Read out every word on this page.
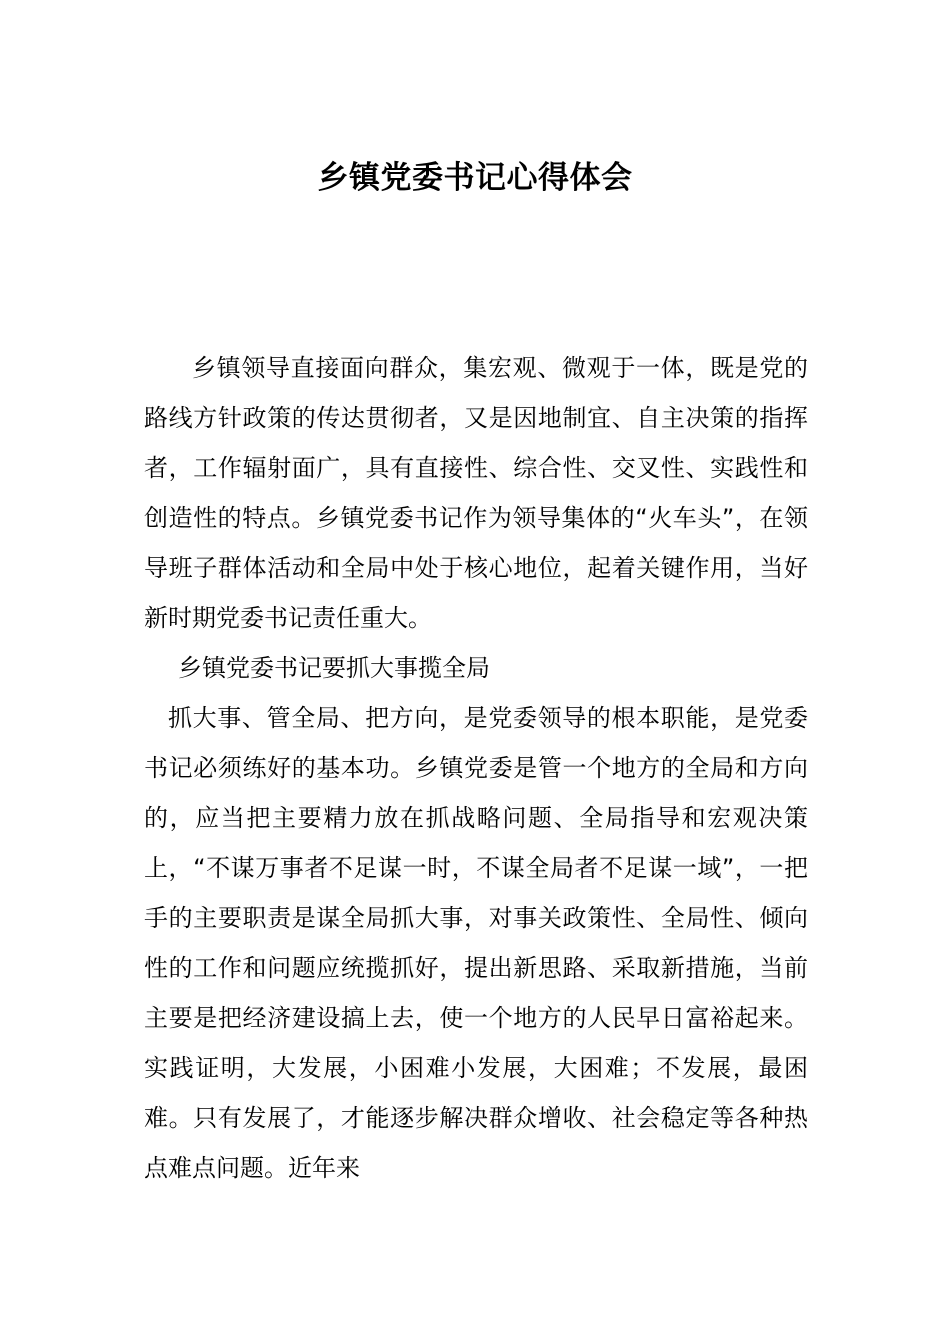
乡镇党委书记心得体会

乡镇领导直接面向群众，集宏观、微观于一体，既是党的路线方针政策的传达贯彻者，又是因地制宜、自主决策的指挥者，工作辐射面广，具有直接性、综合性、交叉性、实践性和创造性的特点。乡镇党委书记作为领导集体的“火车头”，在领导班子群体活动和全局中处于核心地位，起着关键作用，当好新时期党委书记责任重大。

乡镇党委书记要抓大事揽全局

抓大事、管全局、把方向，是党委领导的根本职能，是党委书记必须练好的基本功。乡镇党委是管一个地方的全局和方向的，应当把主要精力放在抓战略问题、全局指导和宏观决策上，“不谋万事者不足谋一时，不谋全局者不足谋一域”，一把手的主要职责是谋全局抓大事，对事关政策性、全局性、倾向性的工作和问题应统揽抓好，提出新思路、采取新措施，当前主要是把经济建设搞上去，使一个地方的人民早日富裕起来。实践证明，大发展，小困难小发展，大困难；不发展，最困难。只有发展了，才能逐步解决群众增收、社会稳定等各种热点难点问题。近年来
